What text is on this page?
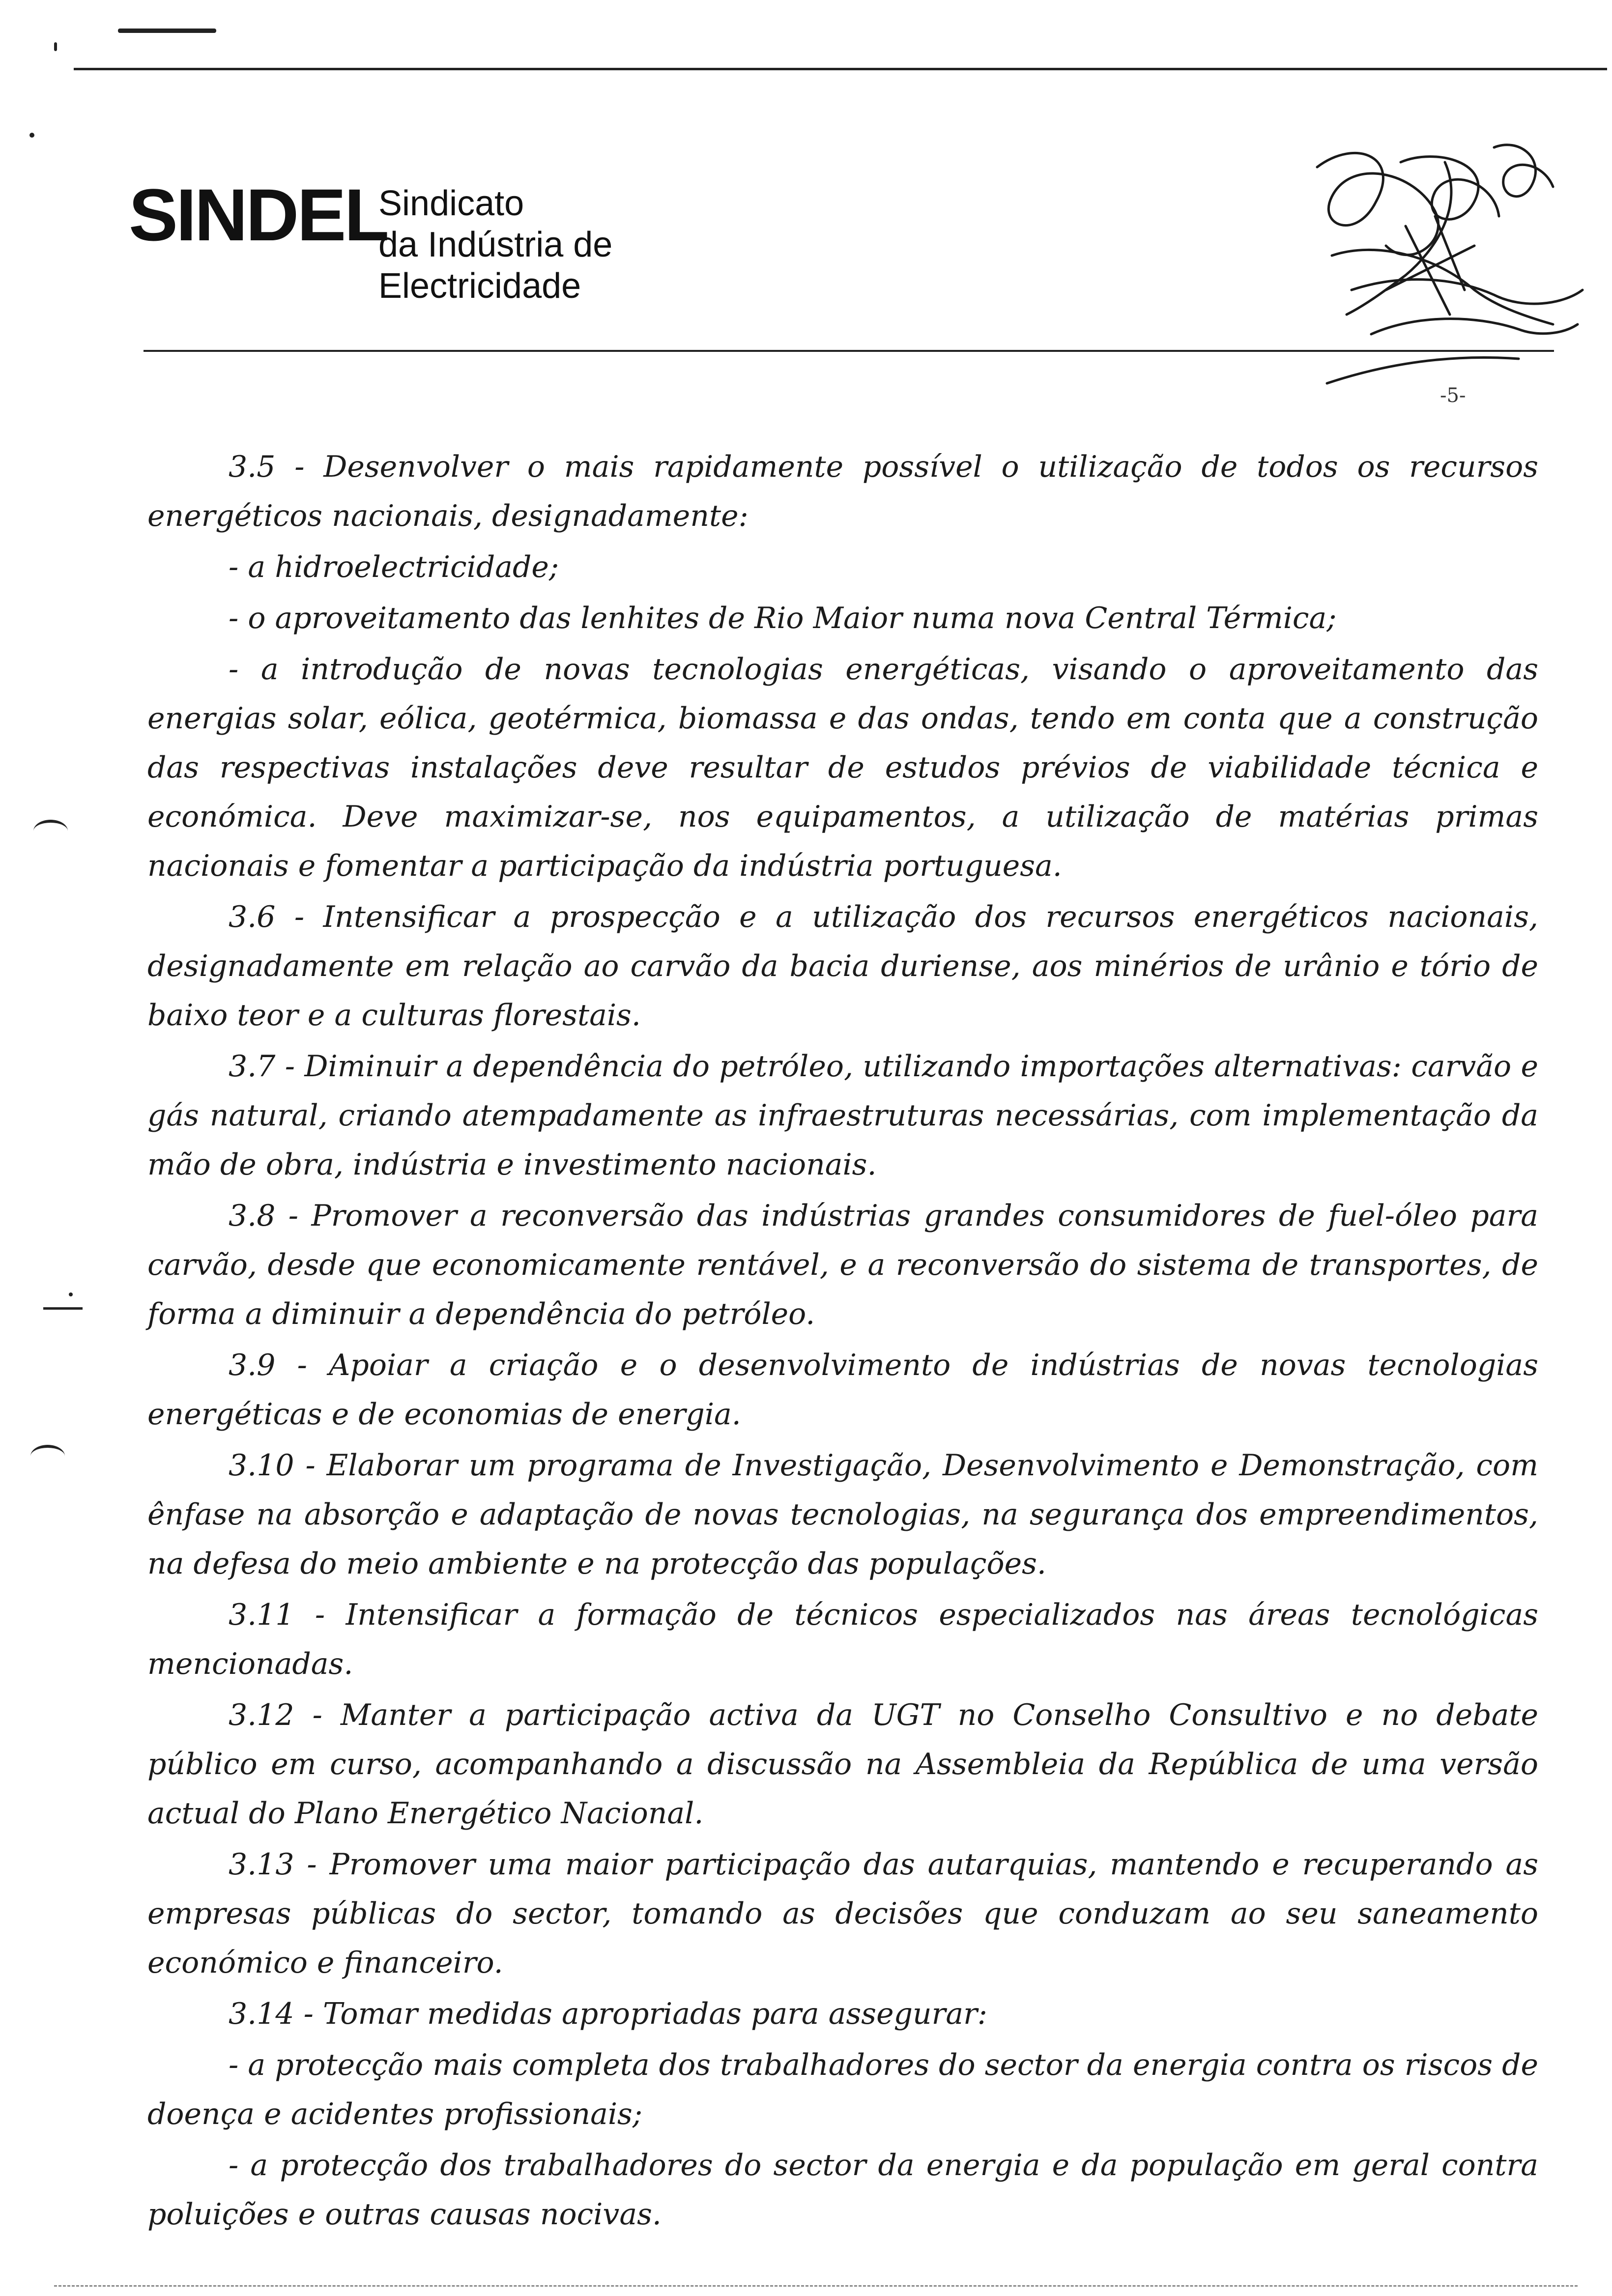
SINDEL
Sindicato
da Indústria de
Electricidade
-5-

3.5 - Desenvolver o mais rapidamente possível o utilização de todos os recursos energéticos nacionais, designadamente:

- a hidroelectricidade;

- o aproveitamento das lenhites de Rio Maior numa nova Central Térmica;

- a introdução de novas tecnologias energéticas, visando o aproveitamento das energias solar, eólica, geotérmica, biomassa e das ondas, tendo em conta que a construção das respectivas instalações deve resultar de estudos prévios de viabilidade técnica e económica. Deve maximizar-se, nos equipamentos, a utilização de matérias primas nacionais e fomentar a participação da indústria portuguesa.

3.6 - Intensificar a prospecção e a utilização dos recursos energéticos nacionais, designadamente em relação ao carvão da bacia duriense, aos minérios de urânio e tório de baixo teor e a culturas florestais.

3.7 - Diminuir a dependência do petróleo, utilizando importações alternativas: carvão e gás natural, criando atempadamente as infraestruturas necessárias, com implementação da mão de obra, indústria e investimento nacionais.

3.8 - Promover a reconversão das indústrias grandes consumidores de fuel-óleo para carvão, desde que economicamente rentável, e a reconversão do sistema de transportes, de forma a diminuir a dependência do petróleo.

3.9 - Apoiar a criação e o desenvolvimento de indústrias de novas tecnologias energéticas e de economias de energia.

3.10 - Elaborar um programa de Investigação, Desenvolvimento e Demonstração, com ênfase na absorção e adaptação de novas tecnologias, na segurança dos empreendimentos, na defesa do meio ambiente e na protecção das populações.

3.11 - Intensificar a formação de técnicos especializados nas áreas tecnológicas mencionadas.

3.12 - Manter a participação activa da UGT no Conselho Consultivo e no debate público em curso, acompanhando a discussão na Assembleia da República de uma versão actual do Plano Energético Nacional.

3.13 - Promover uma maior participação das autarquias, mantendo e recuperando as empresas públicas do sector, tomando as decisões que conduzam ao seu saneamento económico e financeiro.

3.14 - Tomar medidas apropriadas para assegurar:

- a protecção mais completa dos trabalhadores do sector da energia contra os riscos de doença e acidentes profissionais;

- a protecção dos trabalhadores do sector da energia e da população em geral contra poluições e outras causas nocivas.
